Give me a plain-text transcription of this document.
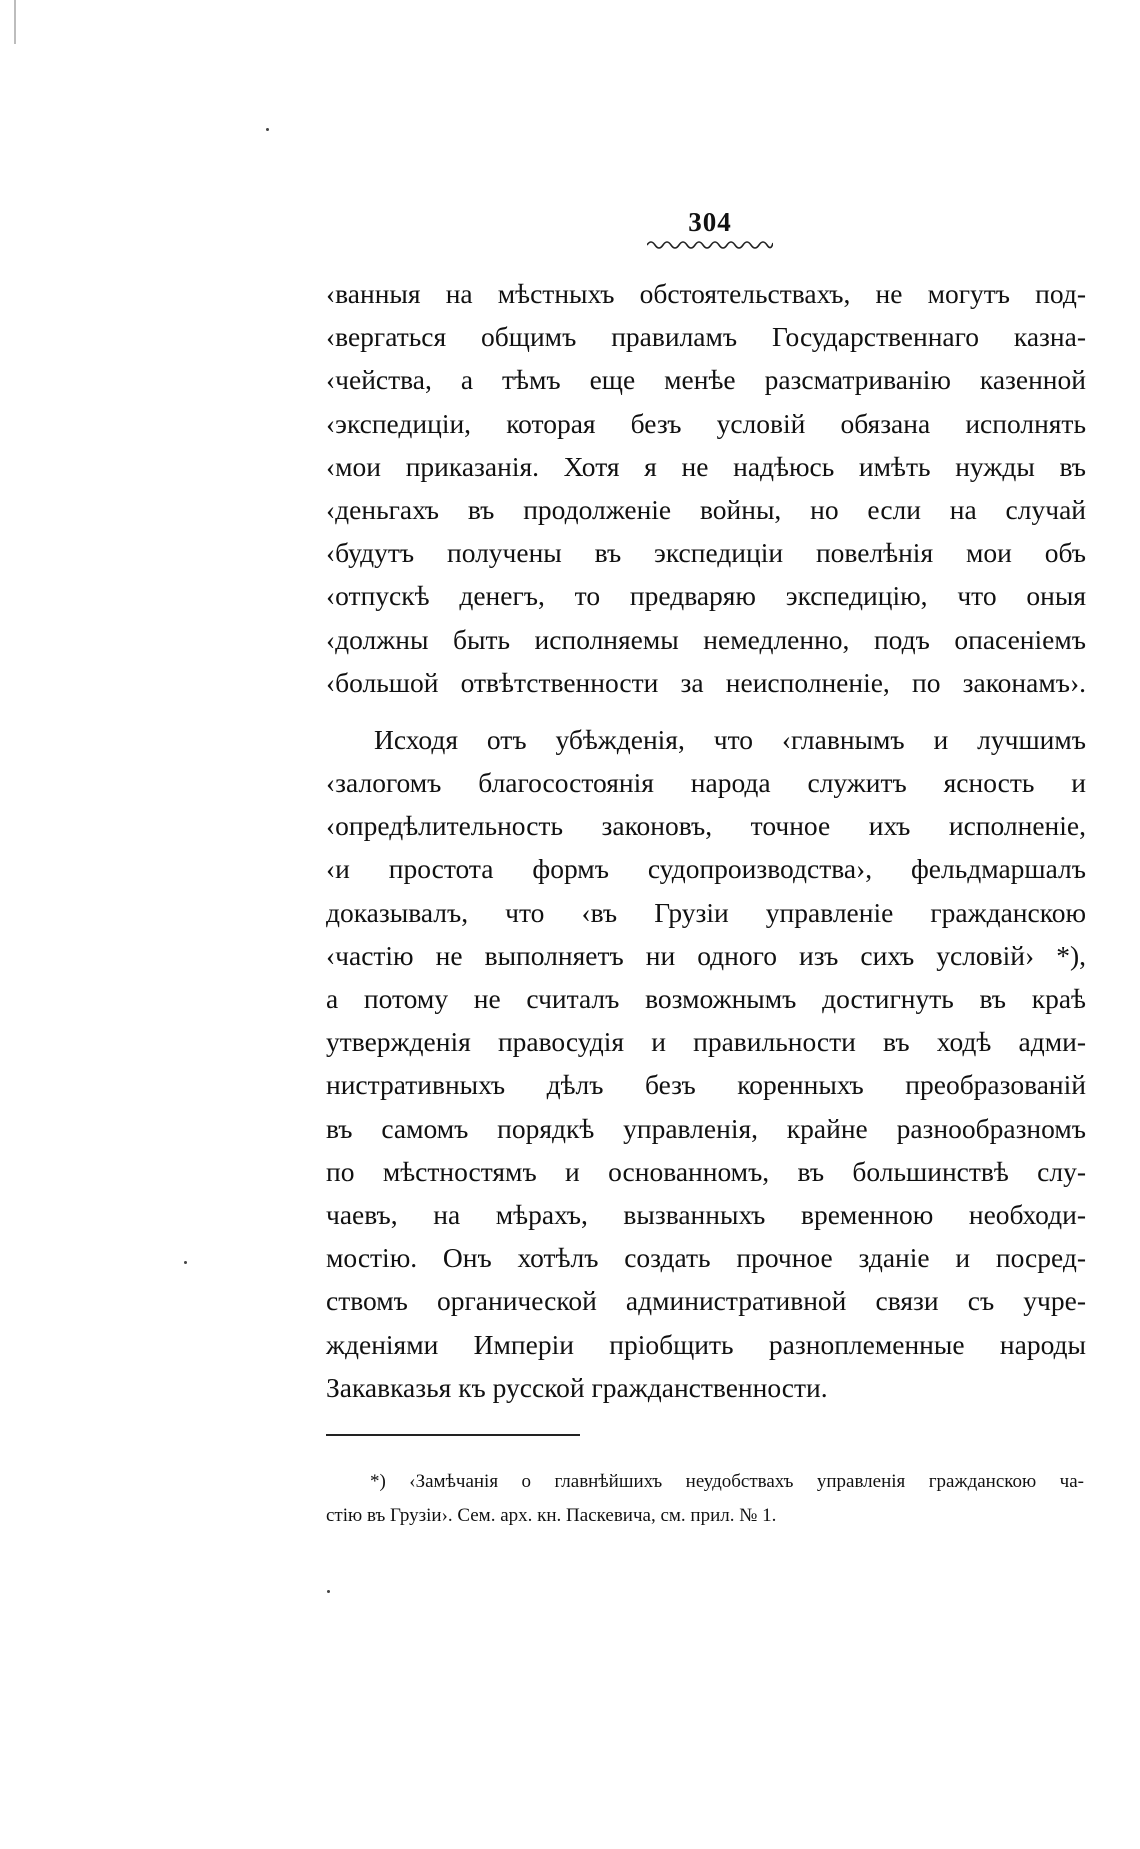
304
‹ванныя на мѣстныхъ обстоятельствахъ, не могутъ под-
‹вергаться общимъ правиламъ Государственнаго казна-
‹чейства, а тѣмъ еще менѣе разсматриванію казенной
‹экспедиціи, которая безъ условій обязана исполнять
‹мои приказанія. Хотя я не надѣюсь имѣть нужды въ
‹деньгахъ въ продолженіе войны, но если на случай
‹будутъ получены въ экспедиціи повелѣнія мои объ
‹отпускѣ денегъ, то предваряю экспедицію, что оныя
‹должны быть исполняемы немедленно, подъ опасеніемъ
‹большой отвѣтственности за неисполненіе, по законамъ›.
Исходя отъ убѣжденія, что ‹главнымъ и лучшимъ
‹залогомъ благосостоянія народа служитъ ясность и
‹опредѣлительность законовъ, точное ихъ исполненіе,
‹и простота формъ судопроизводства›, фельдмаршалъ
доказывалъ, что ‹въ Грузіи управленіе гражданскою
‹частію не выполняетъ ни одного изъ сихъ условій› *),
а потому не считалъ возможнымъ достигнуть въ краѣ
утвержденія правосудія и правильности въ ходѣ адми-
нистративныхъ дѣлъ безъ коренныхъ преобразованій
въ самомъ порядкѣ управленія, крайне разнообразномъ
по мѣстностямъ и основанномъ, въ большинствѣ слу-
чаевъ, на мѣрахъ, вызванныхъ временною необходи-
мостію. Онъ хотѣлъ создать прочное зданіе и посред-
ствомъ органической административной связи съ учре-
жденіями Имперіи пріобщить разноплеменные народы
Закавказья къ русской гражданственности.
*) ‹Замѣчанія о главнѣйшихъ неудобствахъ управленія гражданскою ча-
стію въ Грузіи›. Сем. арх. кн. Паскевича, см. прил. № 1.
